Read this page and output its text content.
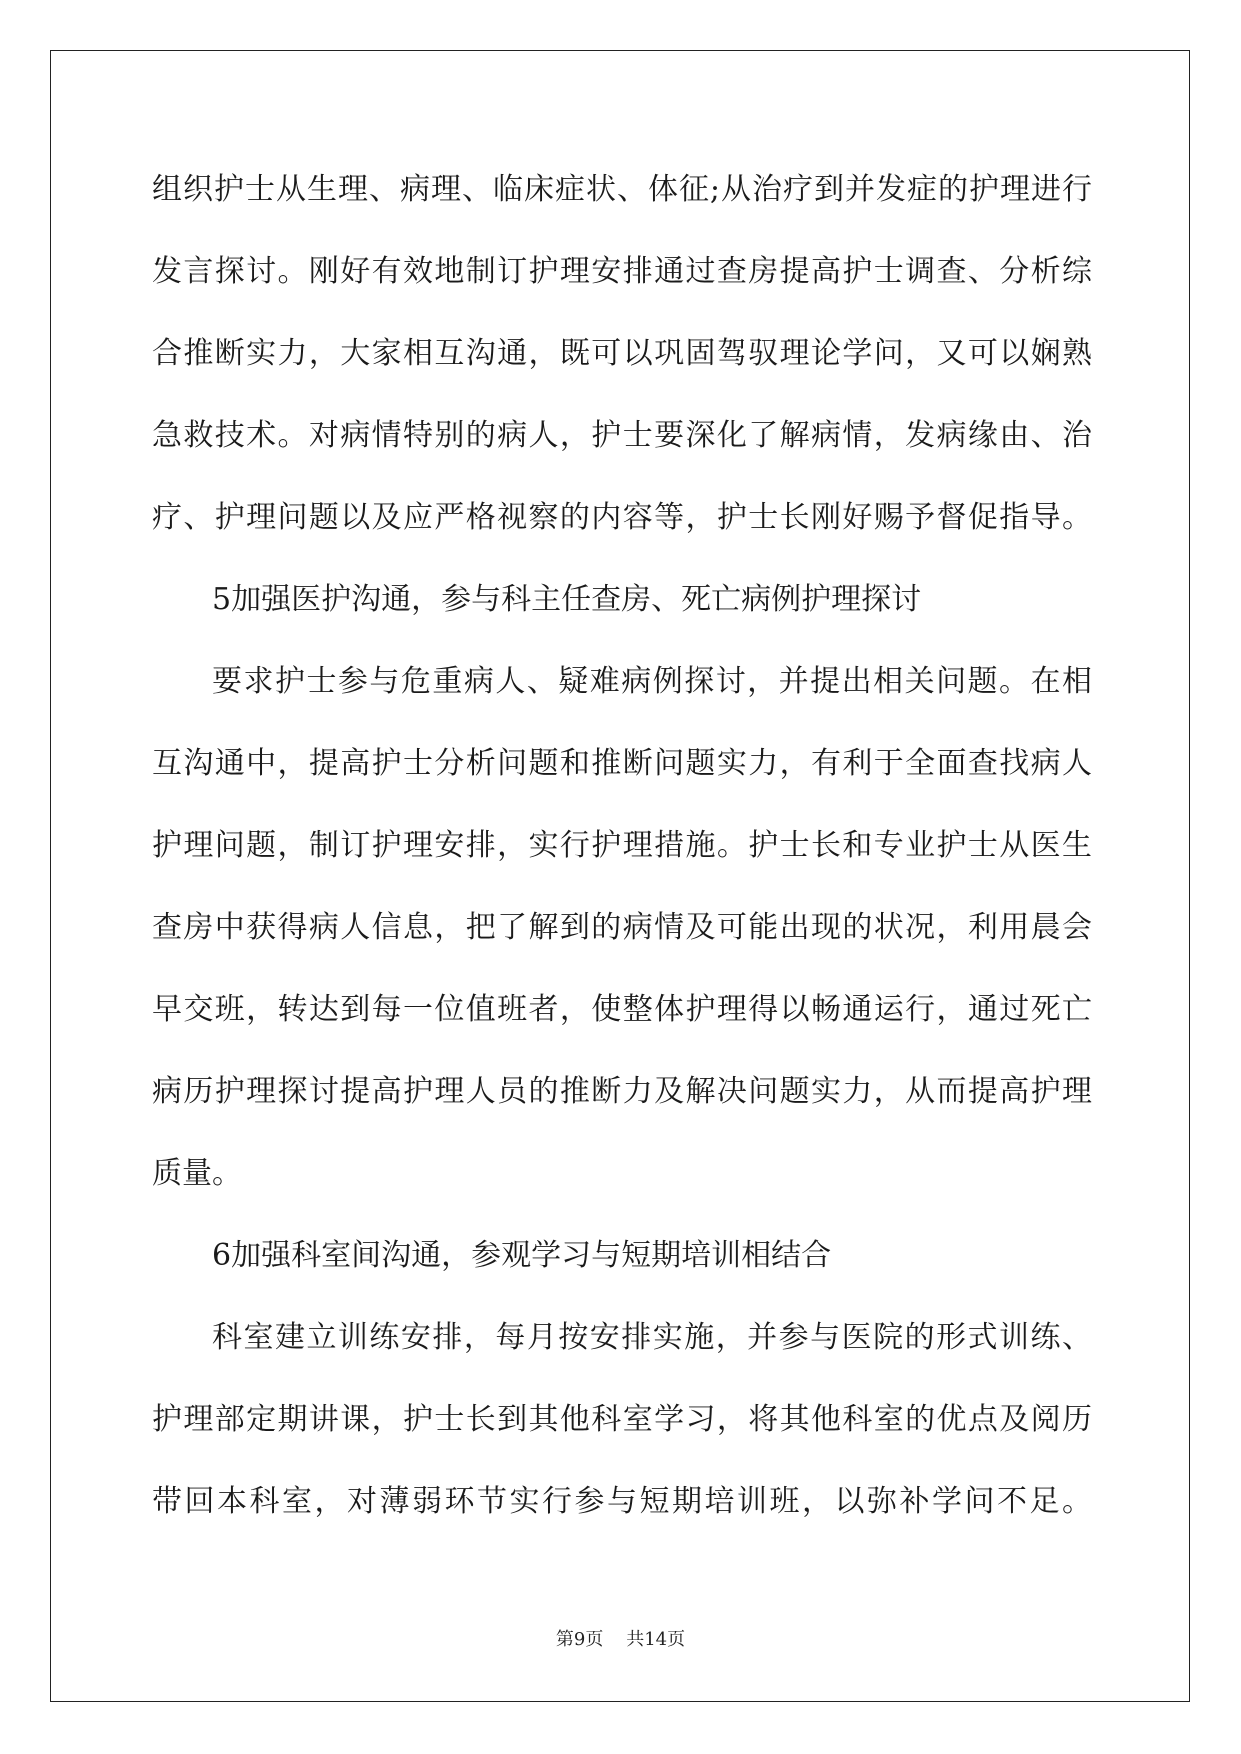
组织护士从生理、病理、临床症状、体征;从治疗到并发症的护理进行
发言探讨。刚好有效地制订护理安排通过查房提高护士调查、分析综
合推断实力，大家相互沟通，既可以巩固驾驭理论学问，又可以娴熟
急救技术。对病情特别的病人，护士要深化了解病情，发病缘由、治
疗、护理问题以及应严格视察的内容等，护士长刚好赐予督促指导。
5加强医护沟通，参与科主任查房、死亡病例护理探讨
要求护士参与危重病人、疑难病例探讨，并提出相关问题。在相
互沟通中，提高护士分析问题和推断问题实力，有利于全面查找病人
护理问题，制订护理安排，实行护理措施。护士长和专业护士从医生
查房中获得病人信息，把了解到的病情及可能出现的状况，利用晨会
早交班，转达到每一位值班者，使整体护理得以畅通运行，通过死亡
病历护理探讨提高护理人员的推断力及解决问题实力，从而提高护理
质量。
6加强科室间沟通，参观学习与短期培训相结合
科室建立训练安排，每月按安排实施，并参与医院的形式训练、
护理部定期讲课，护士长到其他科室学习，将其他科室的优点及阅历
带回本科室，对薄弱环节实行参与短期培训班，以弥补学问不足。
第9页 共14页
